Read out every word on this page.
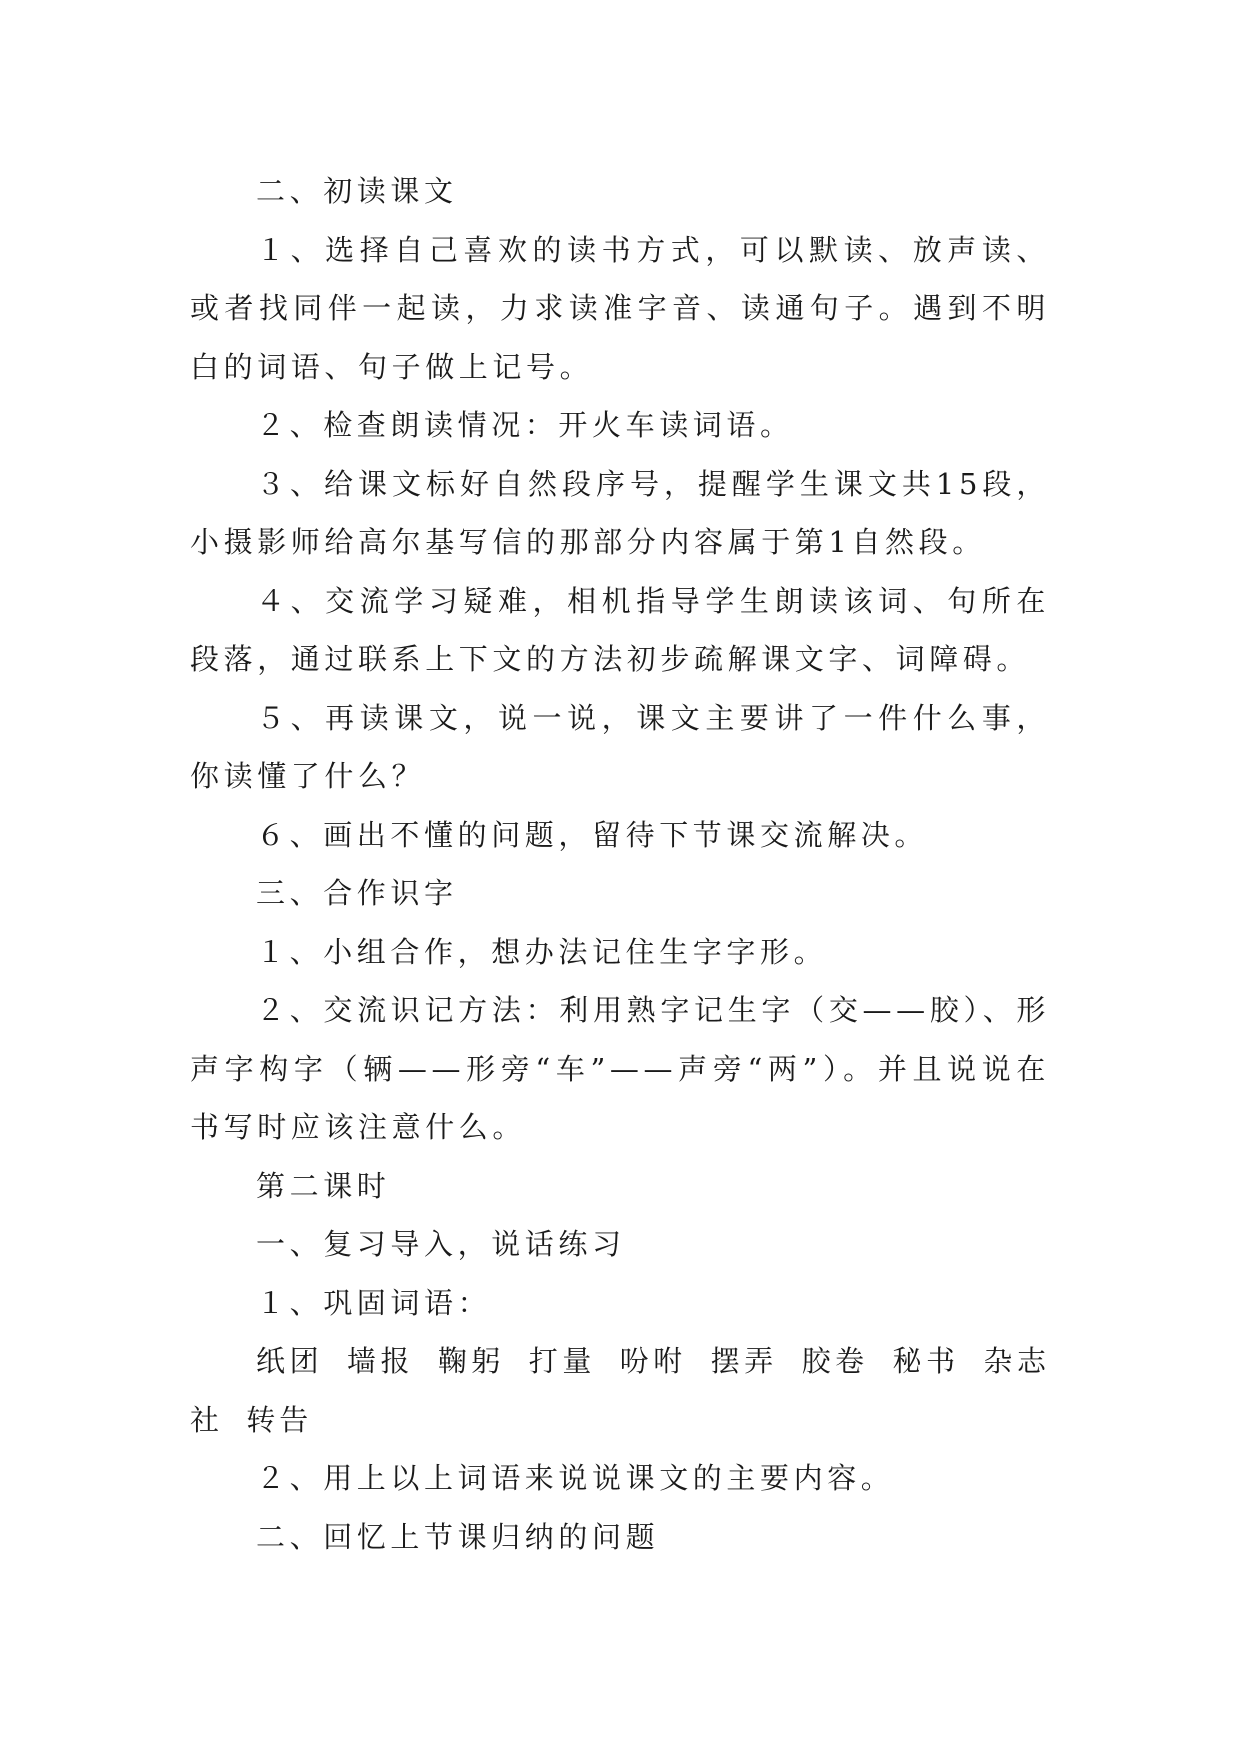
二、初读课文

１、选择自己喜欢的读书方式，可以默读、放声读、或者找同伴一起读，力求读准字音、读通句子。遇到不明白的词语、句子做上记号。

２、检查朗读情况：开火车读词语。

３、给课文标好自然段序号，提醒学生课文共15段，小摄影师给高尔基写信的那部分内容属于第1自然段。

４、交流学习疑难，相机指导学生朗读该词、句所在段落，通过联系上下文的方法初步疏解课文字、词障碍。

５、再读课文，说一说，课文主要讲了一件什么事，你读懂了什么？

６、画出不懂的问题，留待下节课交流解决。

三、合作识字

１、小组合作，想办法记住生字字形。

２、交流识记方法：利用熟字记生字（交——胶）、形声字构字（辆——形旁“车”——声旁“两”）。并且说说在书写时应该注意什么。

第二课时

一、复习导入，说话练习

１、巩固词语：

纸团 墙报 鞠躬 打量 吩咐 摆弄 胶卷 秘书 杂志社 转告

２、用上以上词语来说说课文的主要内容。

二、回忆上节课归纳的问题
